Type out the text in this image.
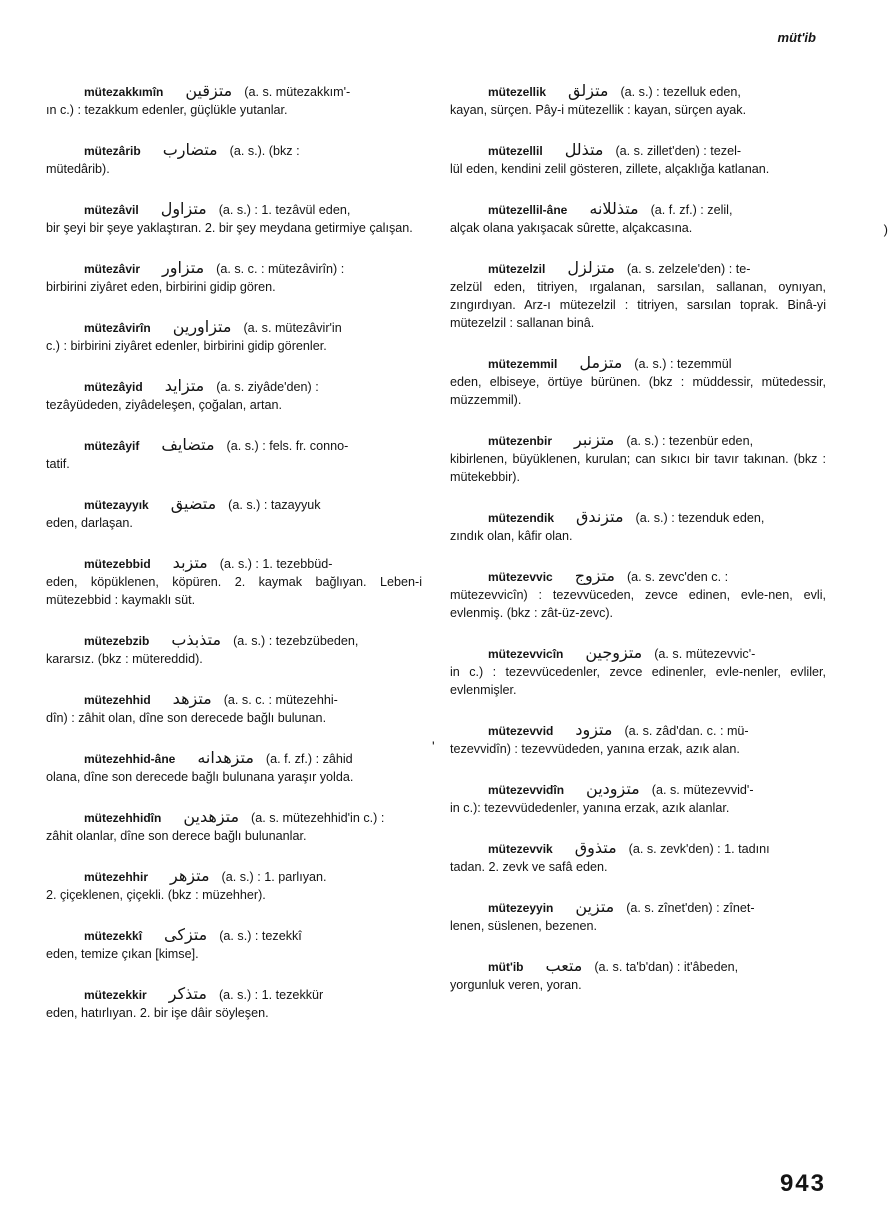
müt'ib
)
'
mütezakkımîn متزقين (a. s. mütezakkım'-
ın c.) : tezakkum edenler, güçlükle yutanlar.
mütezârib متضارب (a. s.). (bkz :
mütedârib).
mütezâvil متزاول (a. s.) : 1. tezâvül eden,
bir şeyi bir şeye yaklaştıran. 2. bir şey meydana getirmiye çalışan.
mütezâvir متزاور (a. s. c. : mütezâvirîn) :
birbirini ziyâret eden, birbirini gidip gören.
mütezâvirîn متزاورين (a. s. mütezâvir'in
c.) : birbirini ziyâret edenler, birbirini gidip görenler.
mütezâyid متزايد (a. s. ziyâde'den) :
tezâyüdeden, ziyâdeleşen, çoğalan, artan.
mütezâyif متضايف (a. s.) : fels. fr. conno-
tatif.
mütezayyık متضيق (a. s.) : tazayyuk
eden, darlaşan.
mütezebbid متزبد (a. s.) : 1. tezebbüd-
eden, köpüklenen, köpüren. 2. kaymak bağlıyan. Leben-i mütezebbid : kaymaklı süt.
mütezebzib متذبذب (a. s.) : tezebzübeden,
kararsız. (bkz : mütereddid).
mütezehhid متزهد (a. s. c. : mütezehhi-
dîn) : zâhit olan, dîne son derecede bağlı bulunan.
mütezehhid-âne متزهدانه (a. f. zf.) : zâhid
olana, dîne son derecede bağlı bulunana yaraşır yolda.
mütezehhidîn متزهدين (a. s. mütezehhid'in c.) :
zâhit olanlar, dîne son derece bağlı bulunanlar.
mütezehhir متزهر (a. s.) : 1. parlıyan.
2. çiçeklenen, çiçekli. (bkz : müzehher).
mütezekkî متزكى (a. s.) : tezekkî
eden, temize çıkan [kimse].
mütezekkir متذكر (a. s.) : 1. tezekkür
eden, hatırlıyan. 2. bir işe dâir söyleşen.
mütezellik متزلق (a. s.) : tezelluk eden,
kayan, sürçen. Pây-i mütezellik : kayan, sürçen ayak.
mütezellil متذلل (a. s. zillet'den) : tezel-
lül eden, kendini zelil gösteren, zillete, alçaklığa katlanan.
mütezellil-âne متذللانه (a. f. zf.) : zelil,
alçak olana yakışacak sûrette, alçakcasına.
mütezelzil متزلزل (a. s. zelzele'den) : te-
zelzül eden, titriyen, ırgalanan, sarsılan, sallanan, oynıyan, zıngırdıyan. Arz-ı mütezelzil : titriyen, sarsılan toprak. Binâ-yi mütezelzil : sallanan binâ.
mütezemmil متزمل (a. s.) : tezemmül
eden, elbiseye, örtüye bürünen. (bkz : müddessir, mütedessir, müzzemmil).
mütezenbir متزنبر (a. s.) : tezenbür eden,
kibirlenen, büyüklenen, kurulan; can sıkıcı bir tavır takınan. (bkz : mütekebbir).
mütezendik متزندق (a. s.) : tezenduk eden,
zındık olan, kâfir olan.
mütezevvic متزوج (a. s. zevc'den c. :
mütezevvicîn) : tezevvüceden, zevce edinen, evle-nen, evli, evlenmiş. (bkz : zât-üz-zevc).
mütezevvicîn متزوجين (a. s. mütezevvic'-
in c.) : tezevvücedenler, zevce edinenler, evle-nenler, evliler, evlenmişler.
mütezevvid متزود (a. s. zâd'dan. c. : mü-
tezevvidîn) : tezevvüdeden, yanına erzak, azık alan.
mütezevvidîn متزودين (a. s. mütezevvid'-
in c.): tezevvüdedenler, yanına erzak, azık alanlar.
mütezevvik متذوق (a. s. zevk'den) : 1. tadını
tadan. 2. zevk ve safâ eden.
mütezeyyin متزين (a. s. zînet'den) : zînet-
lenen, süslenen, bezenen.
müt'ib متعب (a. s. ta'b'dan) : it'âbeden,
yorgunluk veren, yoran.
943
